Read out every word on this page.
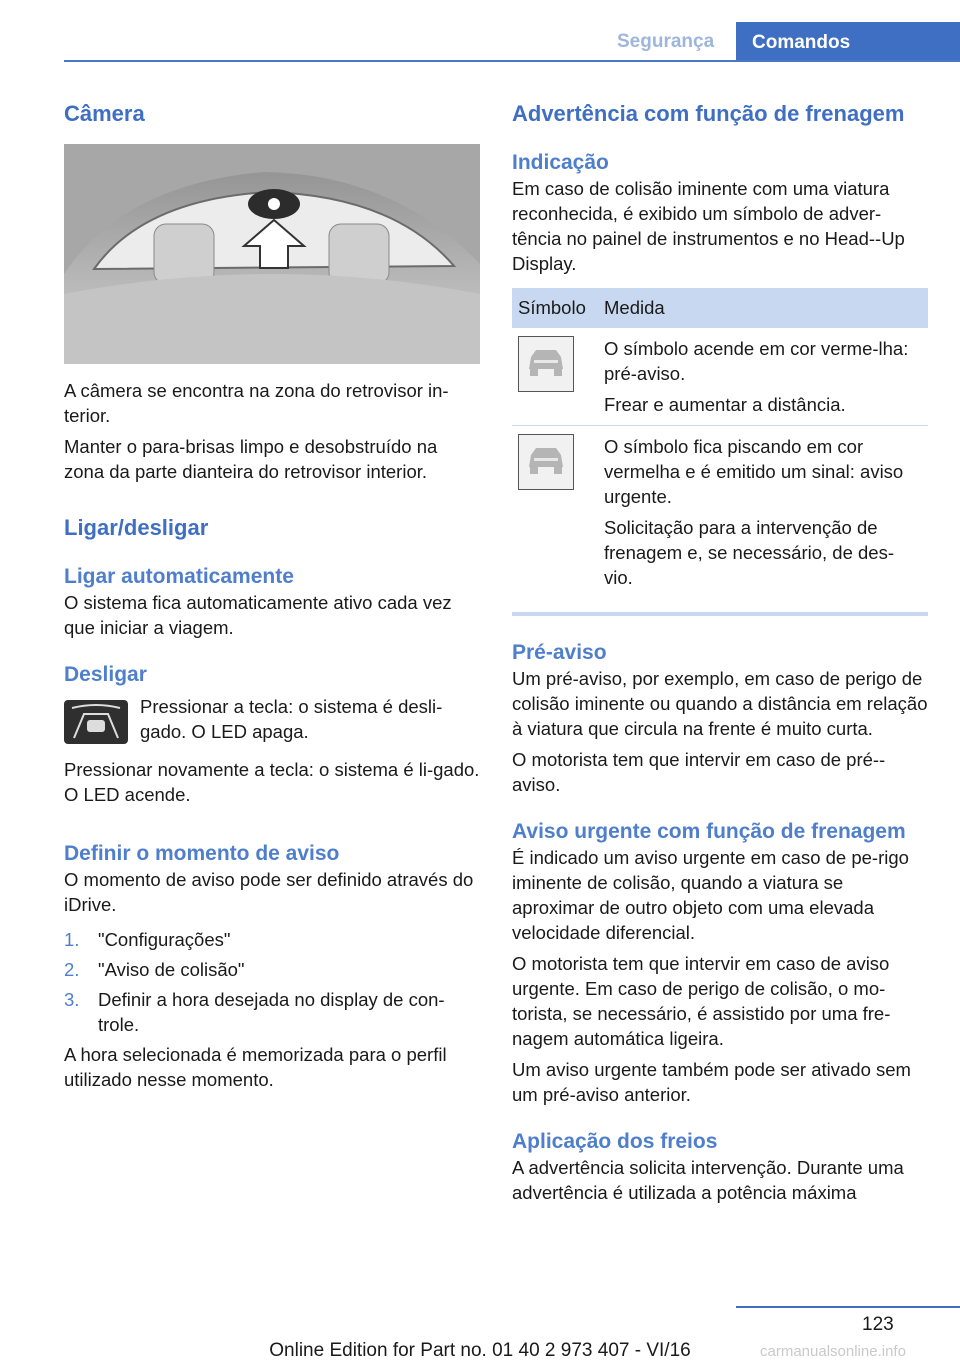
Segurança	Comandos
Câmera

A câmera se encontra na zona do retrovisor in-terior.

Manter o para-brisas limpo e desobstruído na zona da parte dianteira do retrovisor interior.

Ligar/desligar
Ligar automaticamente

O sistema fica automaticamente ativo cada vez que iniciar a viagem.

Desligar

Pressionar a tecla: o sistema é desli-gado. O LED apaga.

Pressionar novamente a tecla: o sistema é li-gado. O LED acende.

Definir o momento de aviso

O momento de aviso pode ser definido através do iDrive.

1. "Configurações"
2. "Aviso de colisão"
3. Definir a hora desejada no display de con-trole.

A hora selecionada é memorizada para o perfil utilizado nesse momento.

Advertência com função de frenagem
Indicação

Em caso de colisão iminente com uma viatura reconhecida, é exibido um símbolo de adver-tência no painel de instrumentos e no Head--Up Display.

Símbolo	Medida

O símbolo acende em cor verme-lha: pré-aviso.
Frear e aumentar a distância.

O símbolo fica piscando em cor vermelha e é emitido um sinal: aviso urgente.
Solicitação para a intervenção de frenagem e, se necessário, de des-vio.
Pré-aviso

Um pré-aviso, por exemplo, em caso de perigo de colisão iminente ou quando a distância em relação à viatura que circula na frente é muito curta.

O motorista tem que intervir em caso de pré--aviso.

Aviso urgente com função de frenagem

É indicado um aviso urgente em caso de pe-rigo iminente de colisão, quando a viatura se aproximar de outro objeto com uma elevada velocidade diferencial.

O motorista tem que intervir em caso de aviso urgente. Em caso de perigo de colisão, o mo-torista, se necessário, é assistido por uma fre-nagem automática ligeira.

Um aviso urgente também pode ser ativado sem um pré-aviso anterior.

Aplicação dos freios

A advertência solicita intervenção. Durante uma advertência é utilizada a potência máxima

123
Online Edition for Part no. 01 40 2 973 407 - VI/16	carmanualsonline.info
